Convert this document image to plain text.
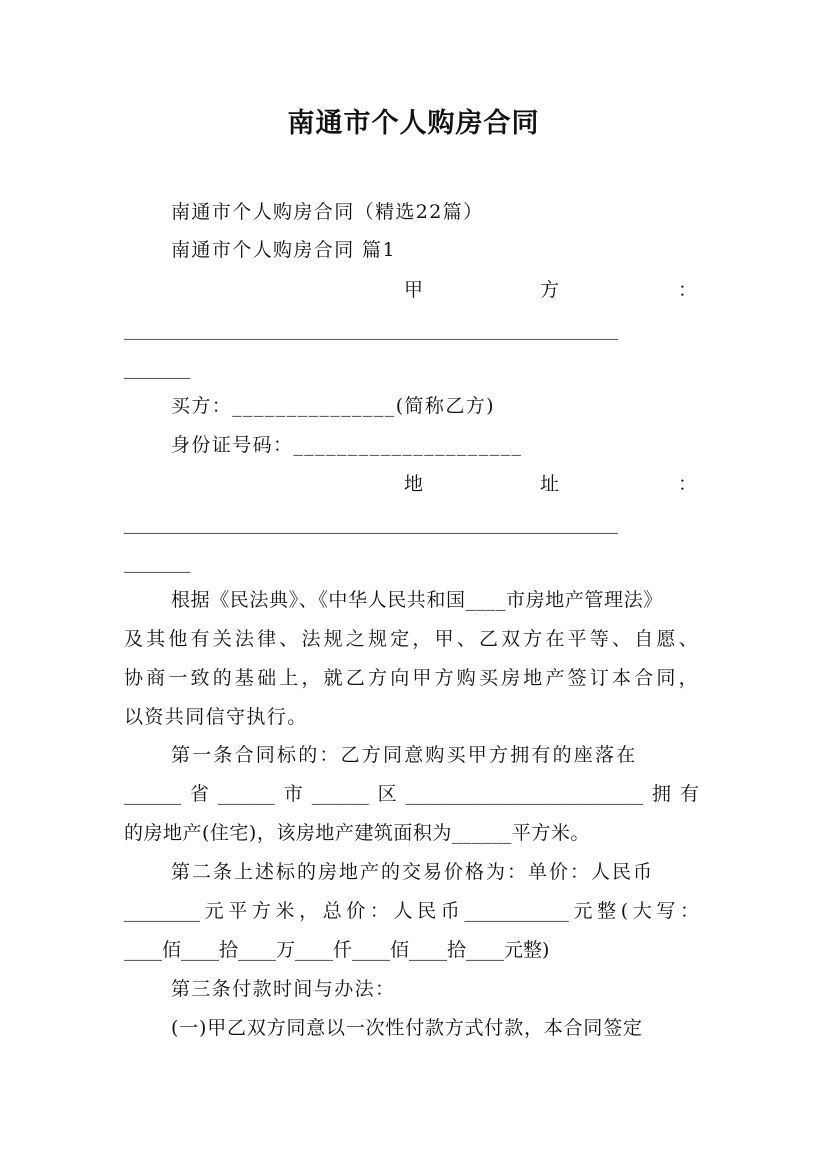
南通市个人购房合同

南通市个人购房合同（精选22篇）

南通市个人购房合同 篇1

甲	方	：

____________________________________________________

_______

买方：_______________(简称乙方)

身份证号码：_____________________

地	址	：

____________________________________________________

_______

根据《民法典》、《中华人民共和国____市房地产管理法》

及其他有关法律、法规之规定，甲、乙双方在平等、自愿、

协商一致的基础上，就乙方向甲方购买房地产签订本合同，

以资共同信守执行。

第一条合同标的：乙方同意购买甲方拥有的座落在

______省______市______区_________________________拥有

的房地产(住宅)，该房地产建筑面积为______平方米。

第二条上述标的房地产的交易价格为：单价：人民币

________元平方米，总价：人民币___________元整(大写：

____佰____拾____万____仟____佰____拾____元整)

第三条付款时间与办法：

(一)甲乙双方同意以一次性付款方式付款，本合同签定
